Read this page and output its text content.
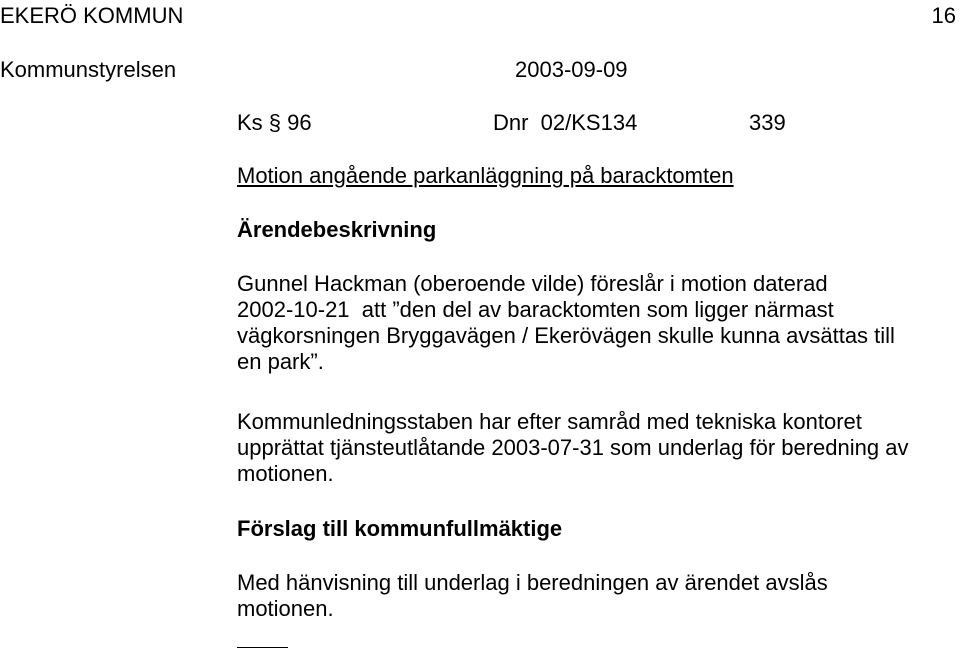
EKERÖ KOMMUN	16
Kommunstyrelsen	2003-09-09
Ks § 96	Dnr  02/KS134	339
Motion angående parkanläggning på baracktomten
Ärendebeskrivning

Gunnel Hackman (oberoende vilde) föreslår i motion daterad

2002-10-21  att ”den del av baracktomten som ligger närmast

vägkorsningen Bryggavägen / Ekerövägen skulle kunna avsättas till

en park”.

Kommunledningsstaben har efter samråd med tekniska kontoret

upprättat tjänsteutlåtande 2003-07-31 som underlag för beredning av

motionen.

Förslag till kommunfullmäktige

Med hänvisning till underlag i beredningen av ärendet avslås

motionen.
